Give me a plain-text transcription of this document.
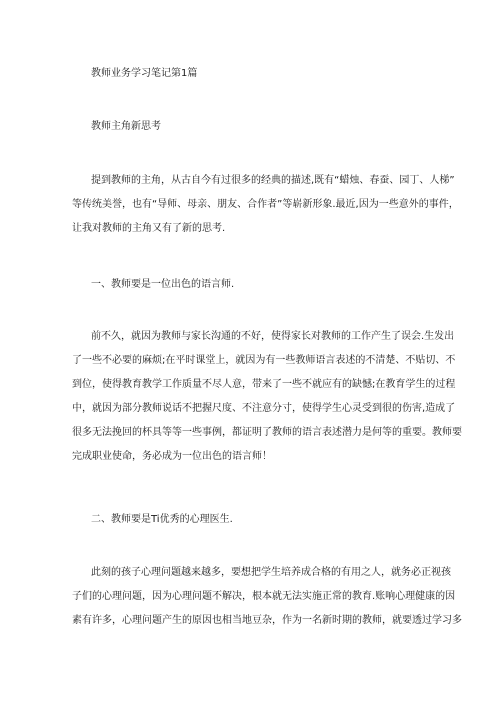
教师业务学习笔记第1篇
教师主角新思考
提到教师的主角，从古自今有过很多的经典的描述,既有“蜡烛、春蚕、园丁、人梯”
等传统美誉，也有“导师、母亲、朋友、合作者”等崭新形象.最近,因为一些意外的事件，
让我对教师的主角又有了新的思考.
一、教师要是一位出色的语言师.
前不久，就因为教师与家长沟通的不好，使得家长对教师的工作产生了误会.生发出
了一些不必要的麻烦;在平时课堂上，就因为有一些教师语言表述的不清楚、不贴切、不
到位，使得教育教学工作质量不尽人意，带来了一些不就应有的缺憾;在教育学生的过程
中，就因为部分教师说话不把握尺度、不注意分寸，使得学生心灵受到很的伤害,造成了
很多无法挽回的杯具等等一些事例，都证明了教师的语言表述潜力是何等的重要。教师要
完成职业使命，务必成为一位出色的语言师！
二、教师要是Ti优秀的心理医生.
此刻的孩子心理问题越来越多，要想把学生培养成合格的有用之人，就务必正视孩
子们的心理问题，因为心理问题不解决，根本就无法实施正常的教育.账响心理健康的因
素有许多，心理问题产生的原因也相当地豆杂，作为一名新时期的教师，就要透过学习多
